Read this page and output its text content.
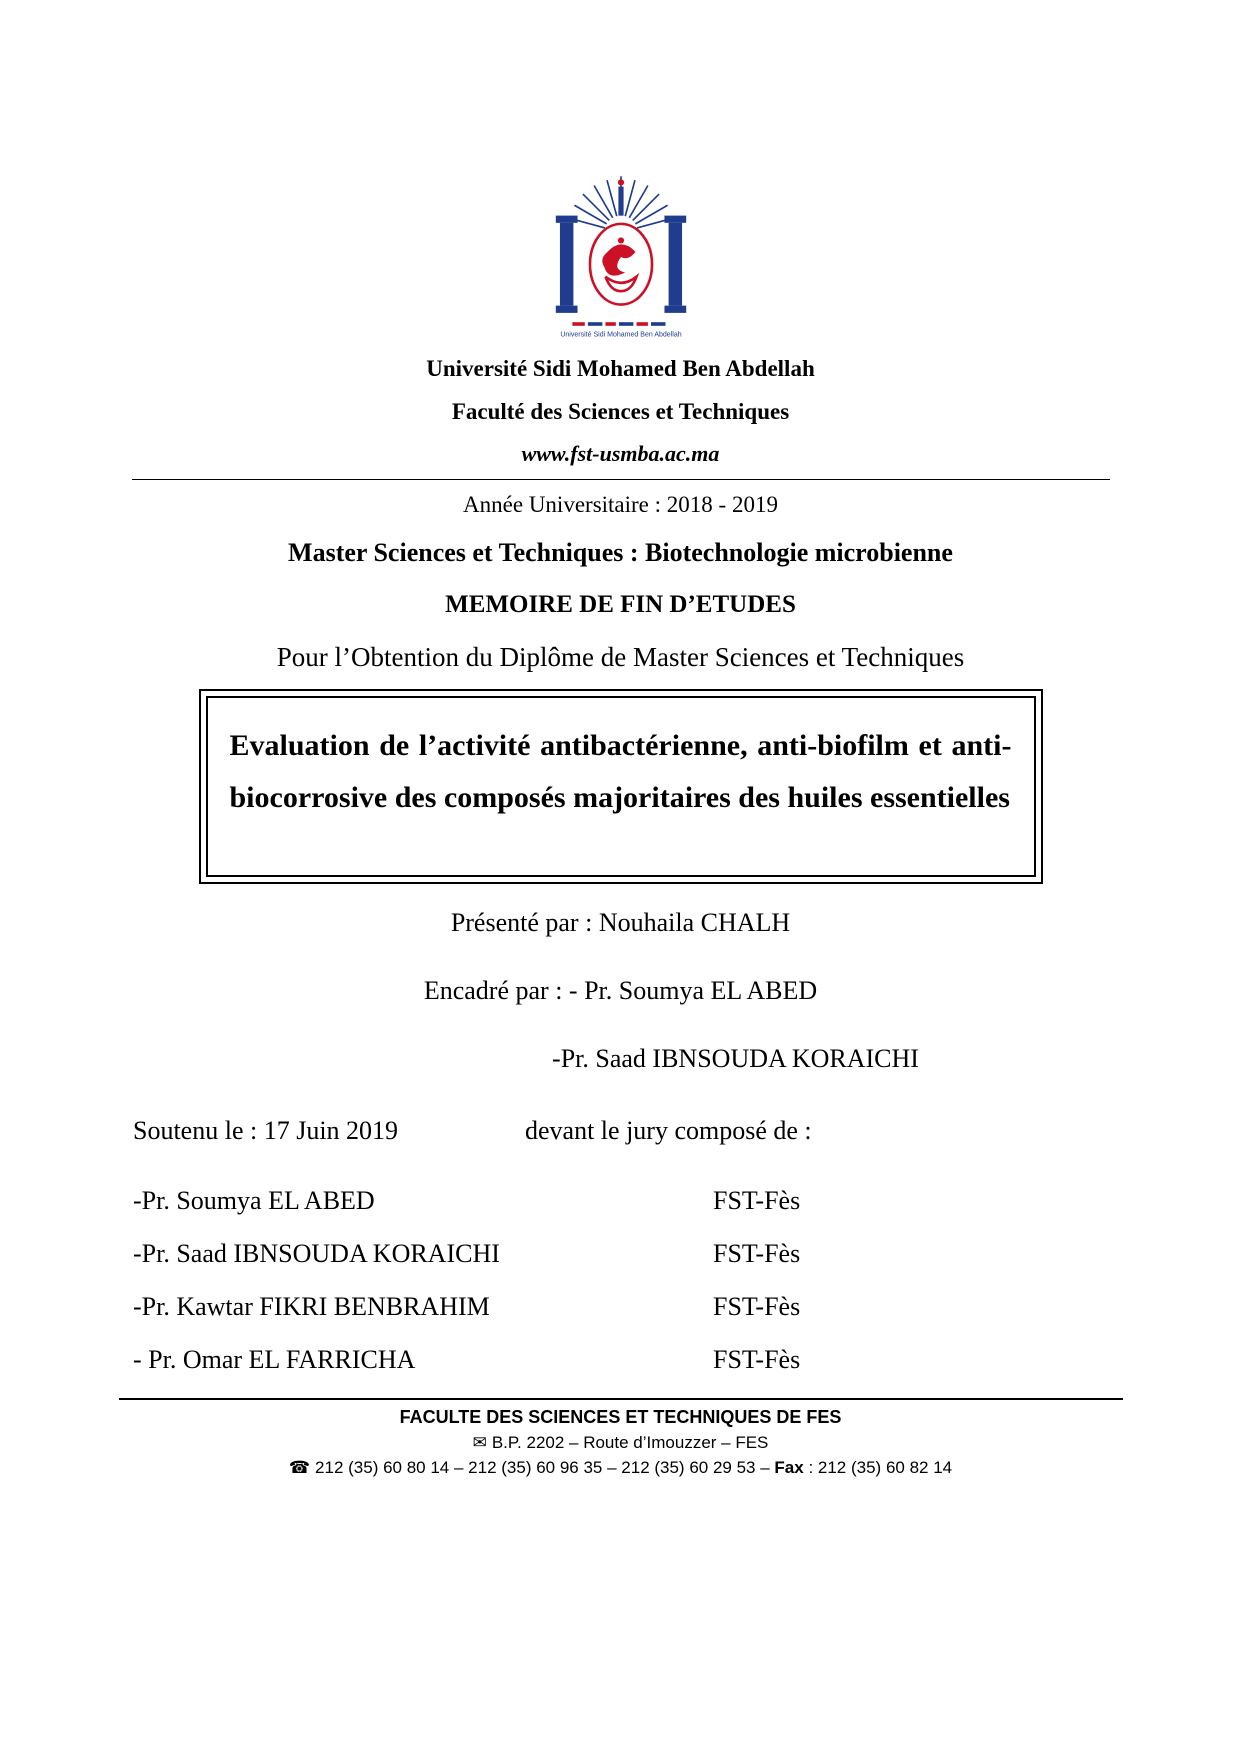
Université Sidi Mohamed Ben Abdellah
Université Sidi Mohamed Ben Abdellah
Faculté des Sciences et Techniques
www.fst-usmba.ac.ma
Année Universitaire : 2018 - 2019
Master Sciences et Techniques : Biotechnologie microbienne
MEMOIRE DE FIN D’ETUDES
Pour l’Obtention du Diplôme de Master Sciences et Techniques
Evaluation de l’activité antibactérienne, anti-biofilm et anti-biocorrosive des composés majoritaires des huiles essentielles
Présenté par : Nouhaila CHALH
Encadré par : - Pr. Soumya EL ABED
-Pr. Saad IBNSOUDA KORAICHI
Soutenu le : 17 Juin 2019	devant le jury composé de :
-Pr. Soumya EL ABED	FST-Fès
-Pr. Saad IBNSOUDA KORAICHI	FST-Fès
-Pr. Kawtar FIKRI BENBRAHIM	FST-Fès
- Pr. Omar EL FARRICHA	FST-Fès
FACULTE DES SCIENCES ET TECHNIQUES DE FES
✉ B.P. 2202 – Route d’Imouzzer – FES
☎ 212 (35) 60 80 14 – 212 (35) 60 96 35 – 212 (35) 60 29 53 – Fax : 212 (35) 60 82 14
